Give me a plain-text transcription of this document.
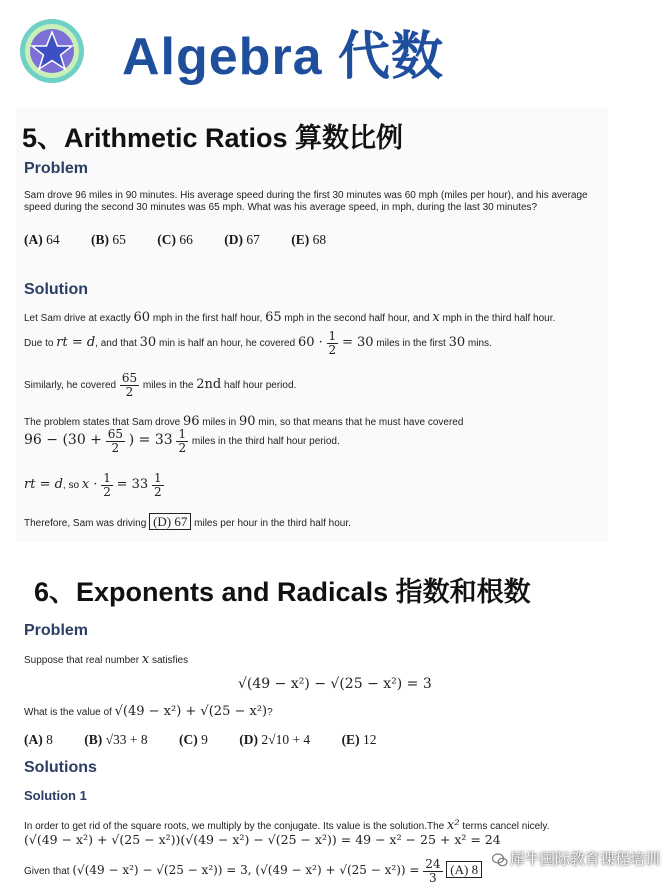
Algebra 代数
5、Arithmetic Ratios 算数比例
Problem
Sam drove 96 miles in 90 minutes. His average speed during the first 30 minutes was 60 mph (miles per hour), and his average speed during the second 30 minutes was 65 mph. What was his average speed, in mph, during the last 30 minutes?
(A) 64 (B) 65 (C) 66 (D) 67 (E) 68
Solution
Let Sam drive at exactly 60 mph in the first half hour, 65 mph in the second half hour, and x mph in the third half hour.
Due to rt = d, and that 30 min is half an hour, he covered $60 \cdot \frac{1}{2} = 30$ miles in the first 30 mins.
Similarly, he covered $\frac{65}{2}$ miles in the 2nd half hour period.
The problem states that Sam drove 96 miles in 90 min, so that means that he must have covered
$96 - (30 + \frac{65}{2}$ ) = $33 \frac{1}{2}$ miles in the third half hour period.
rt = d, so $x \cdot \frac{1}{2} = 33 \frac{1}{2}$
Therefore, Sam was driving (D) 67 miles per hour in the third half hour.
6、Exponents and Radicals 指数和根数
Problem
Suppose that real number x satisfies
√(49 − x²) − √(25 − x²) = 3
What is the value of √(49 − x²) + √(25 − x²)?
(A) 8 (B) √33 + 8 (C) 9 (D) 2√10 + 4 (E) 12
Solutions
Solution 1
In order to get rid of the square roots, we multiply by the conjugate. Its value is the solution.The x² terms cancel nicely.
(√(49 − x²) + √(25 − x²))(√(49 − x²) − √(25 − x²)) = 49 − x² − 25 + x² = 24
Given that (√(49 − x²) − √(25 − x²)) = 3, $(√(49 - x^2) + √(25 - x^2)) = \frac{24}{3} (A)$ 8
犀牛国际教育课程培训
